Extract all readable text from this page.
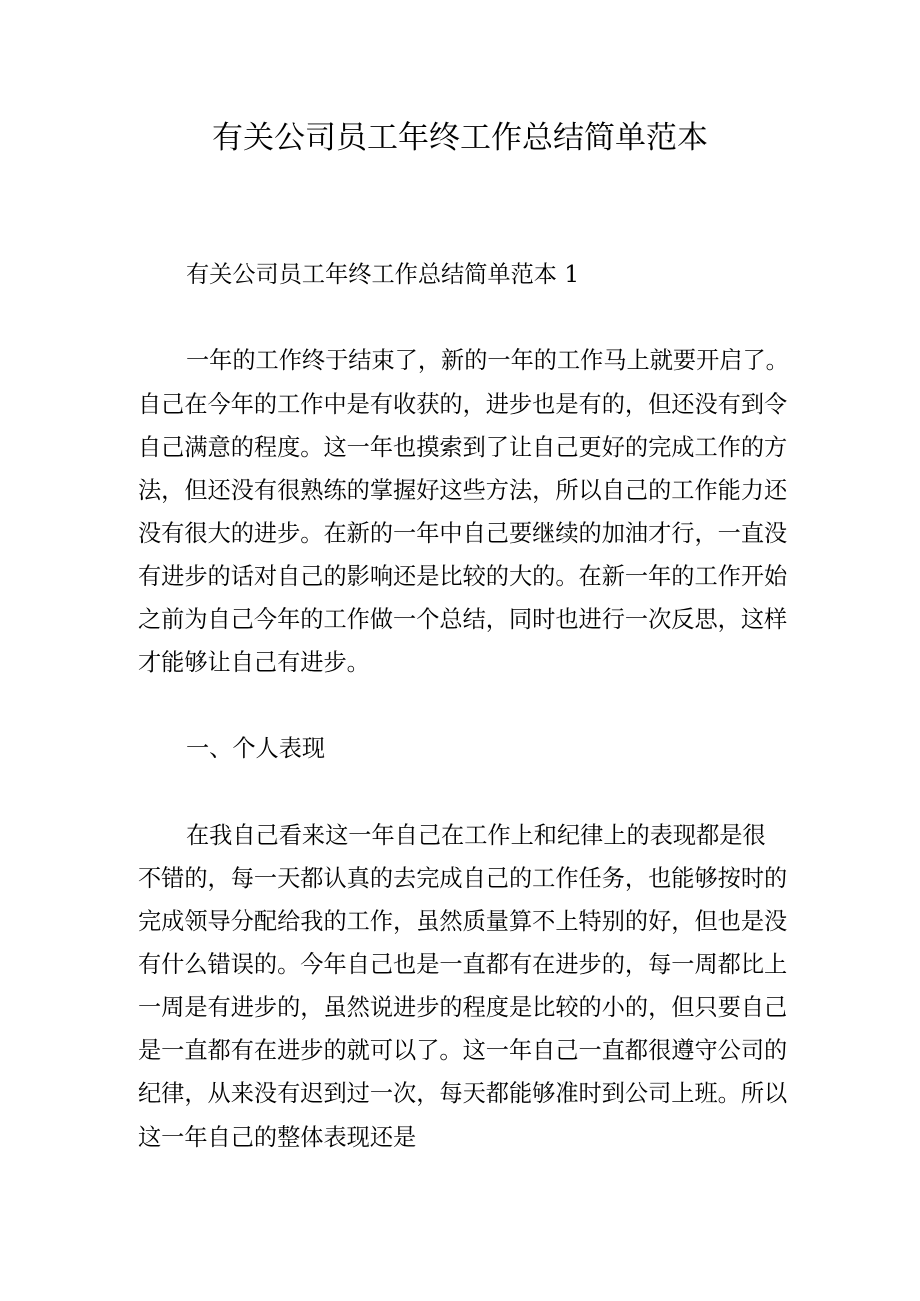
有关公司员工年终工作总结简单范本

有关公司员工年终工作总结简单范本 1

一年的工作终于结束了，新的一年的工作马上就要开启了。

自己在今年的工作中是有收获的，进步也是有的，但还没有到令

自己满意的程度。这一年也摸索到了让自己更好的完成工作的方

法，但还没有很熟练的掌握好这些方法，所以自己的工作能力还

没有很大的进步。在新的一年中自己要继续的加油才行，一直没

有进步的话对自己的影响还是比较的大的。在新一年的工作开始

之前为自己今年的工作做一个总结，同时也进行一次反思，这样

才能够让自己有进步。

一、个人表现

在我自己看来这一年自己在工作上和纪律上的表现都是很

不错的，每一天都认真的去完成自己的工作任务，也能够按时的

完成领导分配给我的工作，虽然质量算不上特别的好，但也是没

有什么错误的。今年自己也是一直都有在进步的，每一周都比上

一周是有进步的，虽然说进步的程度是比较的小的，但只要自己

是一直都有在进步的就可以了。这一年自己一直都很遵守公司的

纪律，从来没有迟到过一次，每天都能够准时到公司上班。所以

这一年自己的整体表现还是
